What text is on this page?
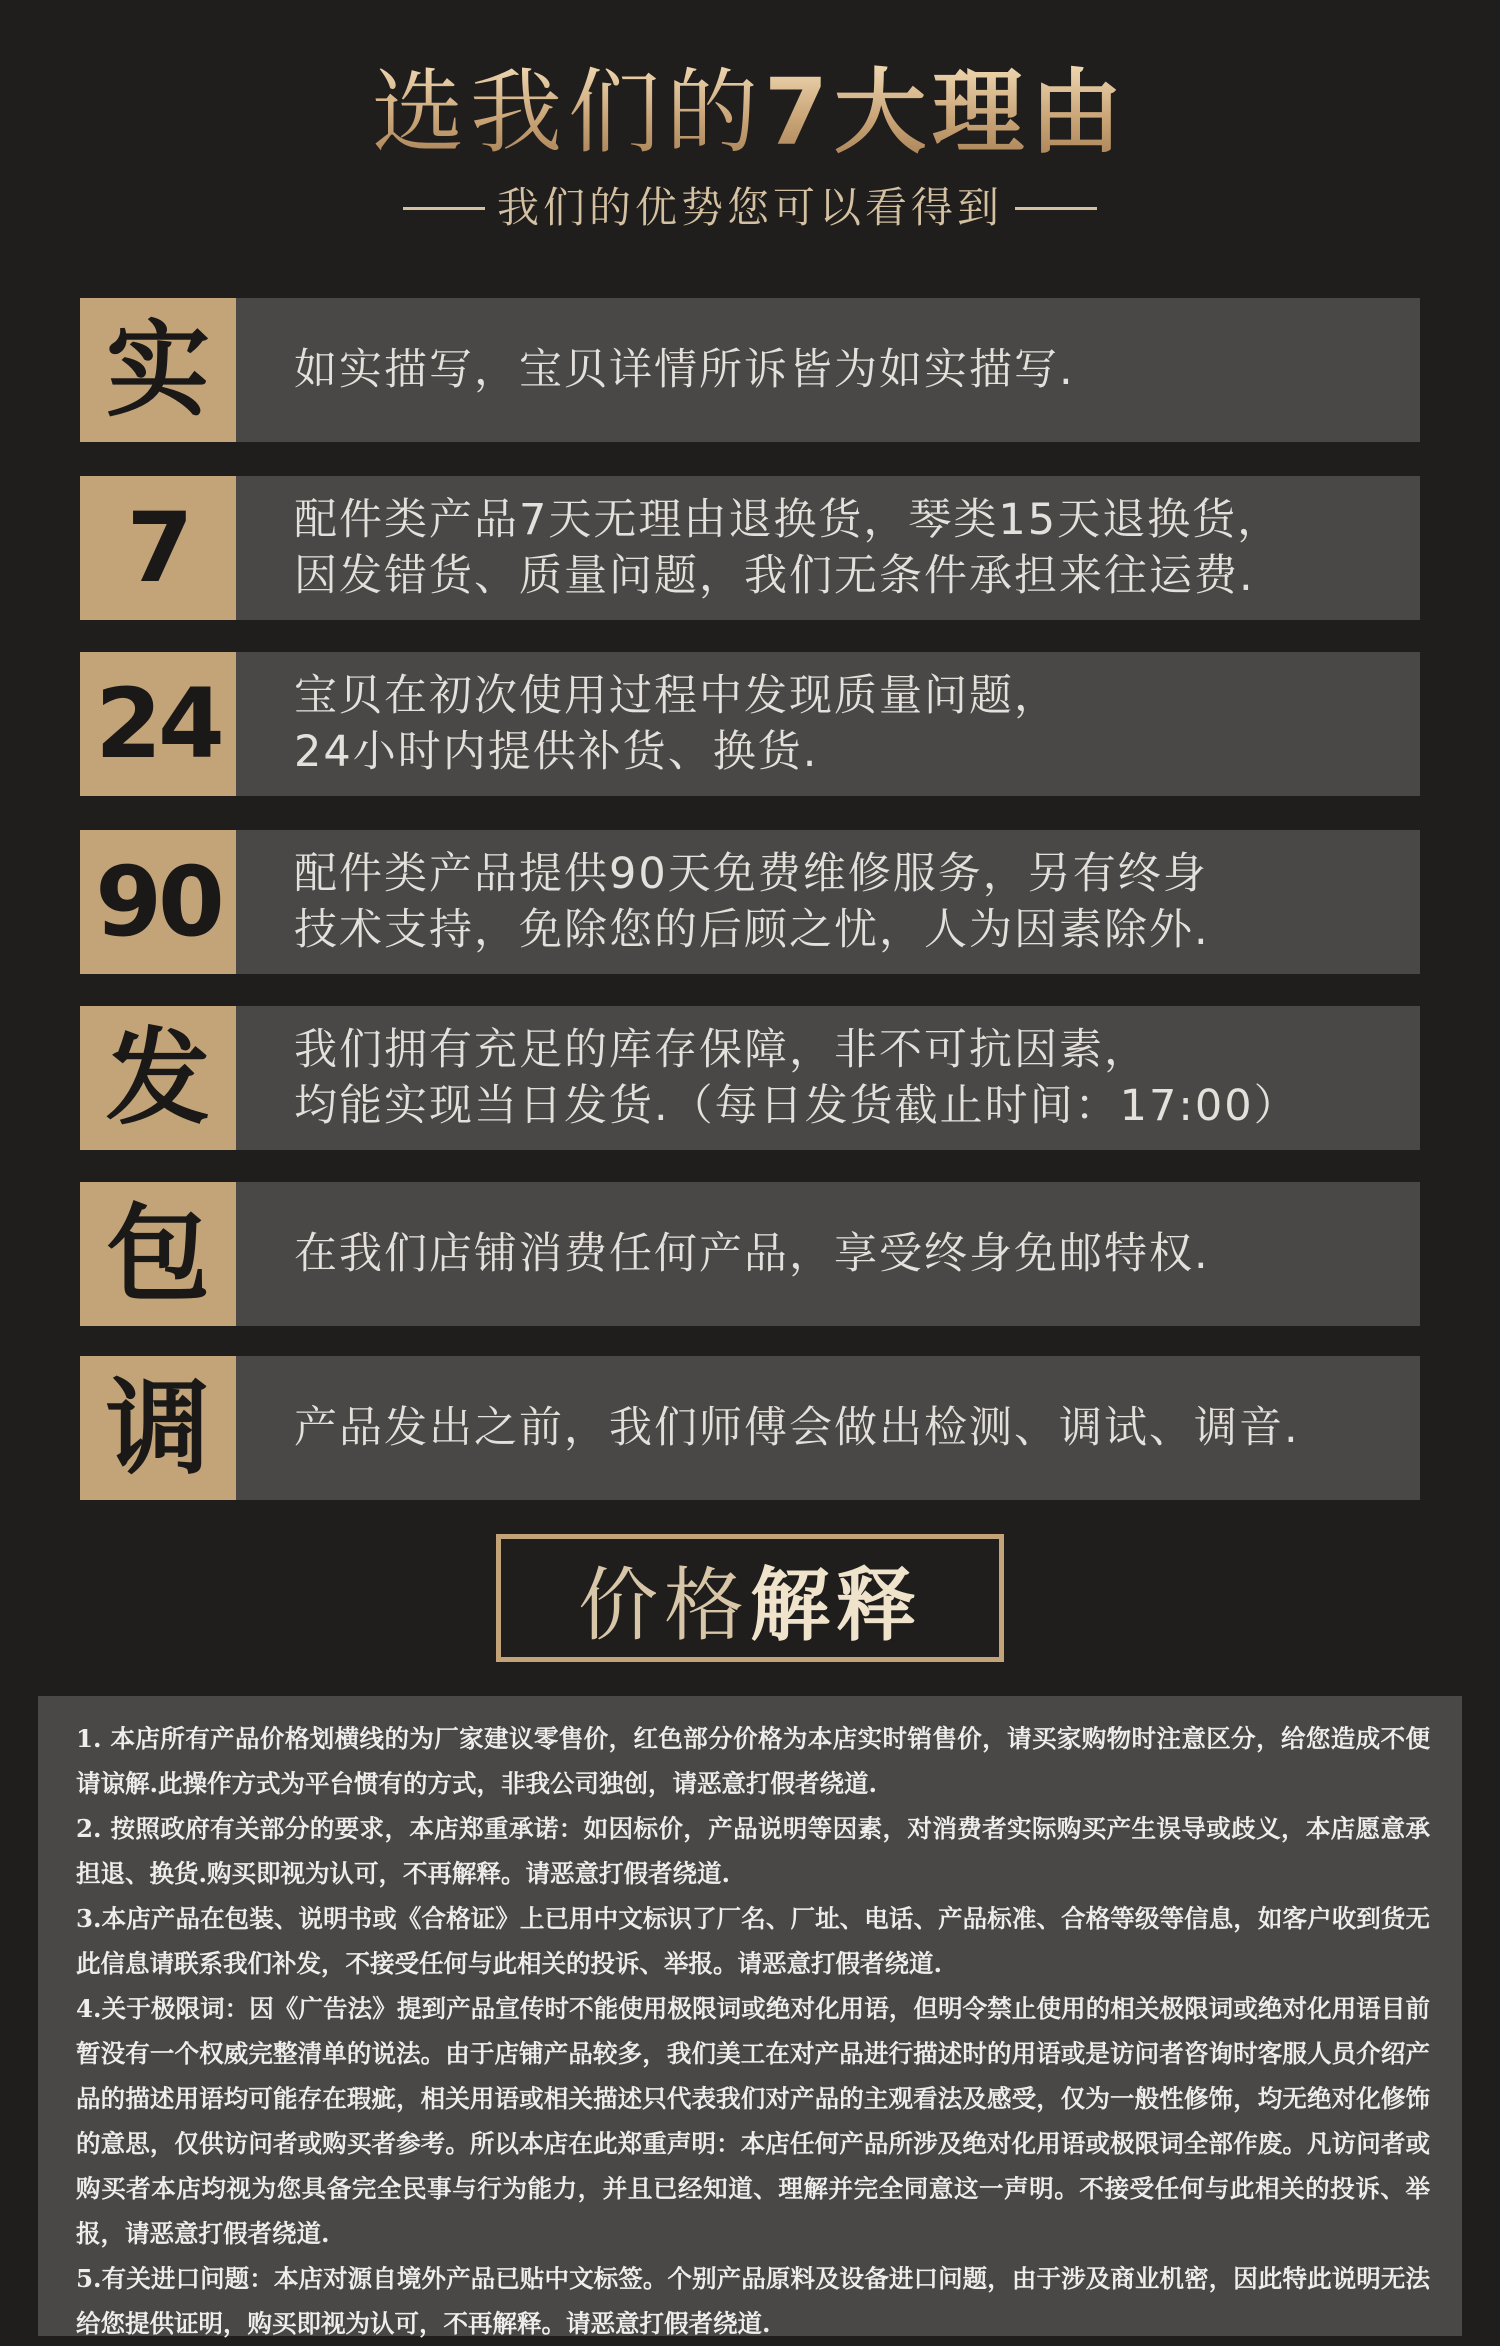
选我们的7大理由
我们的优势您可以看得到
实	如实描写，宝贝详情所诉皆为如实描写.
7	配件类产品7天无理由退换货，琴类15天退换货，
因发错货、质量问题，我们无条件承担来往运费.
24	宝贝在初次使用过程中发现质量问题，
24小时内提供补货、换货.
90	配件类产品提供90天免费维修服务，另有终身
技术支持，免除您的后顾之忧，人为因素除外.
发	我们拥有充足的库存保障，非不可抗因素，
均能实现当日发货.（每日发货截止时间：17:00）
包	在我们店铺消费任何产品，享受终身免邮特权.
调	产品发出之前，我们师傅会做出检测、调试、调音.
价格 解释

1. 本店所有产品价格划横线的为厂家建议零售价，红色部分价格为本店实时销售价，请买家购物时注意区分，给您造成不便请谅解.此操作方式为平台惯有的方式，非我公司独创，请恶意打假者绕道.

2. 按照政府有关部分的要求，本店郑重承诺：如因标价，产品说明等因素，对消费者实际购买产生误导或歧义，本店愿意承担退、换货.购买即视为认可，不再解释。请恶意打假者绕道.

3.本店产品在包装、说明书或《合格证》上已用中文标识了厂名、厂址、电话、产品标准、合格等级等信息，如客户收到货无此信息请联系我们补发，不接受任何与此相关的投诉、举报。请恶意打假者绕道.

4.关于极限词：因《广告法》提到产品宣传时不能使用极限词或绝对化用语，但明令禁止使用的相关极限词或绝对化用语目前暂没有一个权威完整清单的说法。由于店铺产品较多，我们美工在对产品进行描述时的用语或是访问者咨询时客服人员介绍产品的描述用语均可能存在瑕疵，相关用语或相关描述只代表我们对产品的主观看法及感受，仅为一般性修饰，均无绝对化修饰的意思，仅供访问者或购买者参考。所以本店在此郑重声明：本店任何产品所涉及绝对化用语或极限词全部作废。凡访问者或购买者本店均视为您具备完全民事与行为能力，并且已经知道、理解并完全同意这一声明。不接受任何与此相关的投诉、举报，请恶意打假者绕道.

5.有关进口问题：本店对源自境外产品已贴中文标签。个别产品原料及设备进口问题，由于涉及商业机密，因此特此说明无法给您提供证明，购买即视为认可，不再解释。请恶意打假者绕道.
